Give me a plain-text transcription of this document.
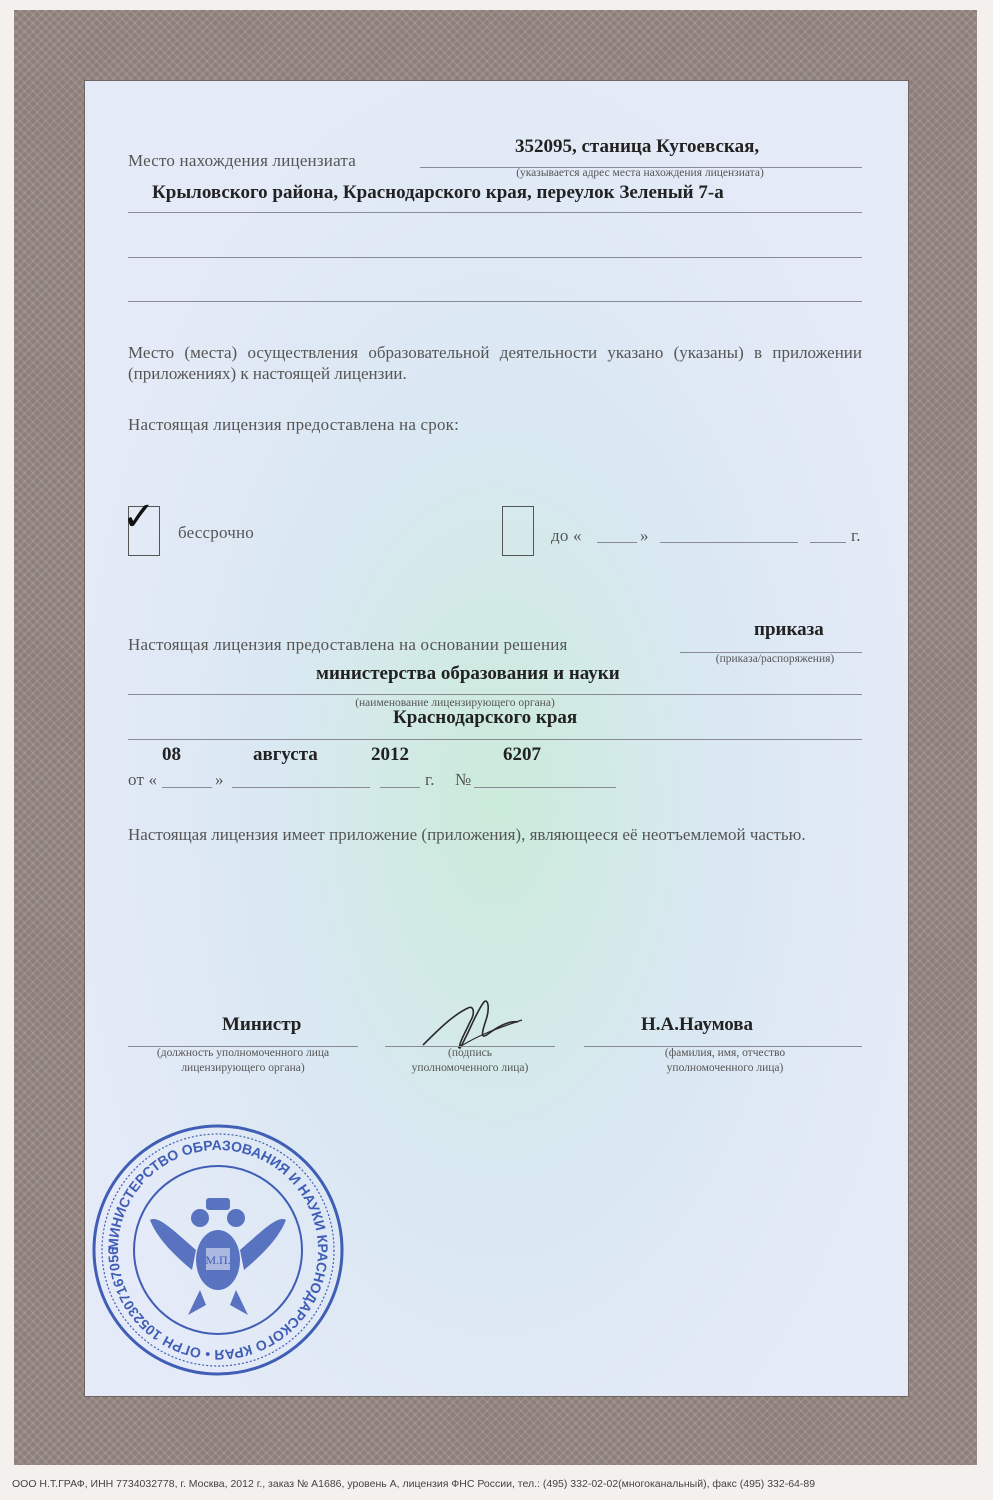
Место нахождения лицензиата
352095, станица Кугоевская,
(указывается адрес места нахождения лицензиата)
Крыловского района, Краснодарского края, переулок Зеленый 7-а
Место (места) осуществления образовательной деятельности указано (указаны) в приложении (приложениях) к настоящей лицензии.
Настоящая лицензия предоставлена на срок:
✓ бессрочно	до «	»	г.
Настоящая лицензия предоставлена на основании решения
приказа
(приказа/распоряжения)
министерства образования и науки
(наименование лицензирующего органа)
Краснодарского края
от «
08
»
августа	2012
г. №
6207
Настоящая лицензия имеет приложение (приложения), являющееся её неотъемлемой частью.
Министр
(должность уполномоченного лица
лицензирующего органа)
(подпись
уполномоченного лица)
Н.А.Наумова
(фамилия, имя, отчество
уполномоченного лица)
МИНИСТЕРСТВО ОБРАЗОВАНИЯ И НАУКИ КРАСНОДАРСКОГО КРАЯ • ОГРН 1052307167056
М.П.
ООО Н.Т.ГРАФ, ИНН 7734032778, г. Москва, 2012 г., заказ № А1686, уровень А, лицензия ФНС России, тел.: (495) 332-02-02(многоканальный), факс (495) 332-64-89
